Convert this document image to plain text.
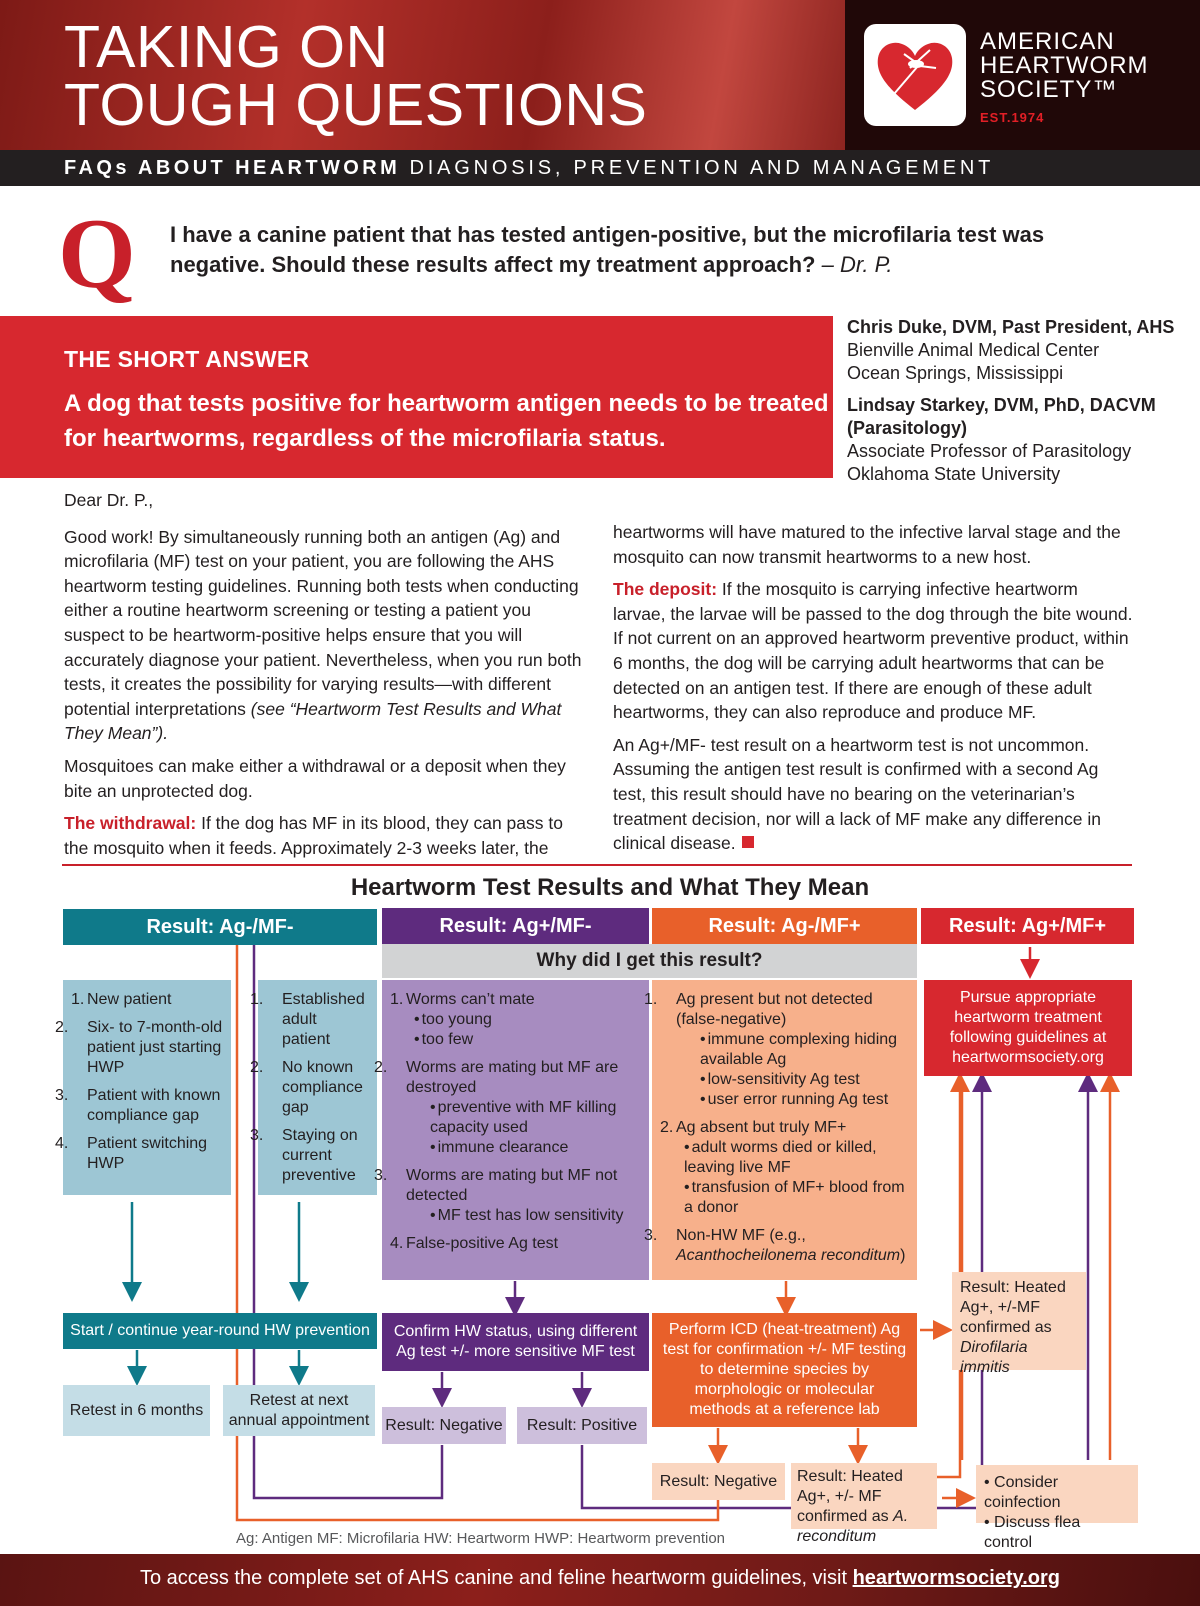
TAKING ON
TOUGH QUESTIONS
AMERICAN
HEARTWORM
SOCIETY™
EST.1974
FAQs ABOUT HEARTWORM DIAGNOSIS, PREVENTION AND MANAGEMENT
Q I have a canine patient that has tested antigen-positive, but the microfilaria test was negative. Should these results affect my treatment approach? – Dr. P.
THE SHORT ANSWER
A dog that tests positive for heartworm antigen needs to be treated for heartworms, regardless of the microfilaria status.
Chris Duke, DVM, Past President, AHS
Bienville Animal Medical Center
Ocean Springs, Mississippi
Lindsay Starkey, DVM, PhD, DACVM (Parasitology)
Associate Professor of Parasitology
Oklahoma State University

Dear Dr. P.,

Good work! By simultaneously running both an antigen (Ag) and microfilaria (MF) test on your patient, you are following the AHS heartworm testing guidelines. Running both tests when conducting either a routine heartworm screening or testing a patient you suspect to be heartworm-positive helps ensure that you will accurately diagnose your patient. Nevertheless, when you run both tests, it creates the possibility for varying results—with different potential interpretations (see “Heartworm Test Results and What They Mean”).

Mosquitoes can make either a withdrawal or a deposit when they bite an unprotected dog.

The withdrawal: If the dog has MF in its blood, they can pass to the mosquito when it feeds. Approximately 2-3 weeks later, the

heartworms will have matured to the infective larval stage and the mosquito can now transmit heartworms to a new host.

The deposit: If the mosquito is carrying infective heartworm larvae, the larvae will be passed to the dog through the bite wound. If not current on an approved heartworm preventive product, within 6 months, the dog will be carrying adult heartworms that can be detected on an antigen test. If there are enough of these adult heartworms, they can also reproduce and produce MF.

An Ag+/MF- test result on a heartworm test is not uncommon. Assuming the antigen test result is confirmed with a second Ag test, this result should have no bearing on the veterinarian’s treatment decision, nor will a lack of MF make any difference in clinical disease.

Heartworm Test Results and What They Mean
Result: Ag-/MF-	Result: Ag+/MF-	Result: Ag-/MF+	Result: Ag+/MF+
Why did I get this result?
1. New patient
2. Six- to 7-month-old patient just starting HWP
3. Patient with known compliance gap
4. Patient switching HWP
1. Established adult patient
2. No known compliance gap
3. Staying on current preventive
1. Worms can’t mate
• too young
• too few
2. Worms are mating but MF are destroyed
• preventive with MF killing capacity used
• immune clearance
3. Worms are mating but MF not detected
• MF test has low sensitivity
4. False-positive Ag test
1. Ag present but not detected (false-negative)
• immune complexing hiding available Ag
• low-sensitivity Ag test
• user error running Ag test
2. Ag absent but truly MF+
• adult worms died or killed, leaving live MF
• transfusion of MF+ blood from a donor
3. Non-HW MF (e.g., Acanthocheilonema reconditum)
Pursue appropriate heartworm treatment following guidelines at heartwormsociety.org
Start / continue year-round HW prevention
Retest in 6 months
Retest at next annual appointment
Confirm HW status, using different Ag test +/- more sensitive MF test
Result: Negative	Result: Positive
Perform ICD (heat-treatment) Ag test for confirmation +/- MF testing to determine species by morphologic or molecular methods at a reference lab
Result: Heated Ag+, +/-MF confirmed as Dirofilaria immitis
Result: Negative	Result: Heated Ag+, +/- MF confirmed as A. reconditum
• Consider coinfection
• Discuss flea control
Ag: Antigen MF: Microfilaria HW: Heartworm HWP: Heartworm prevention
To access the complete set of AHS canine and feline heartworm guidelines, visit heartwormsociety.org
